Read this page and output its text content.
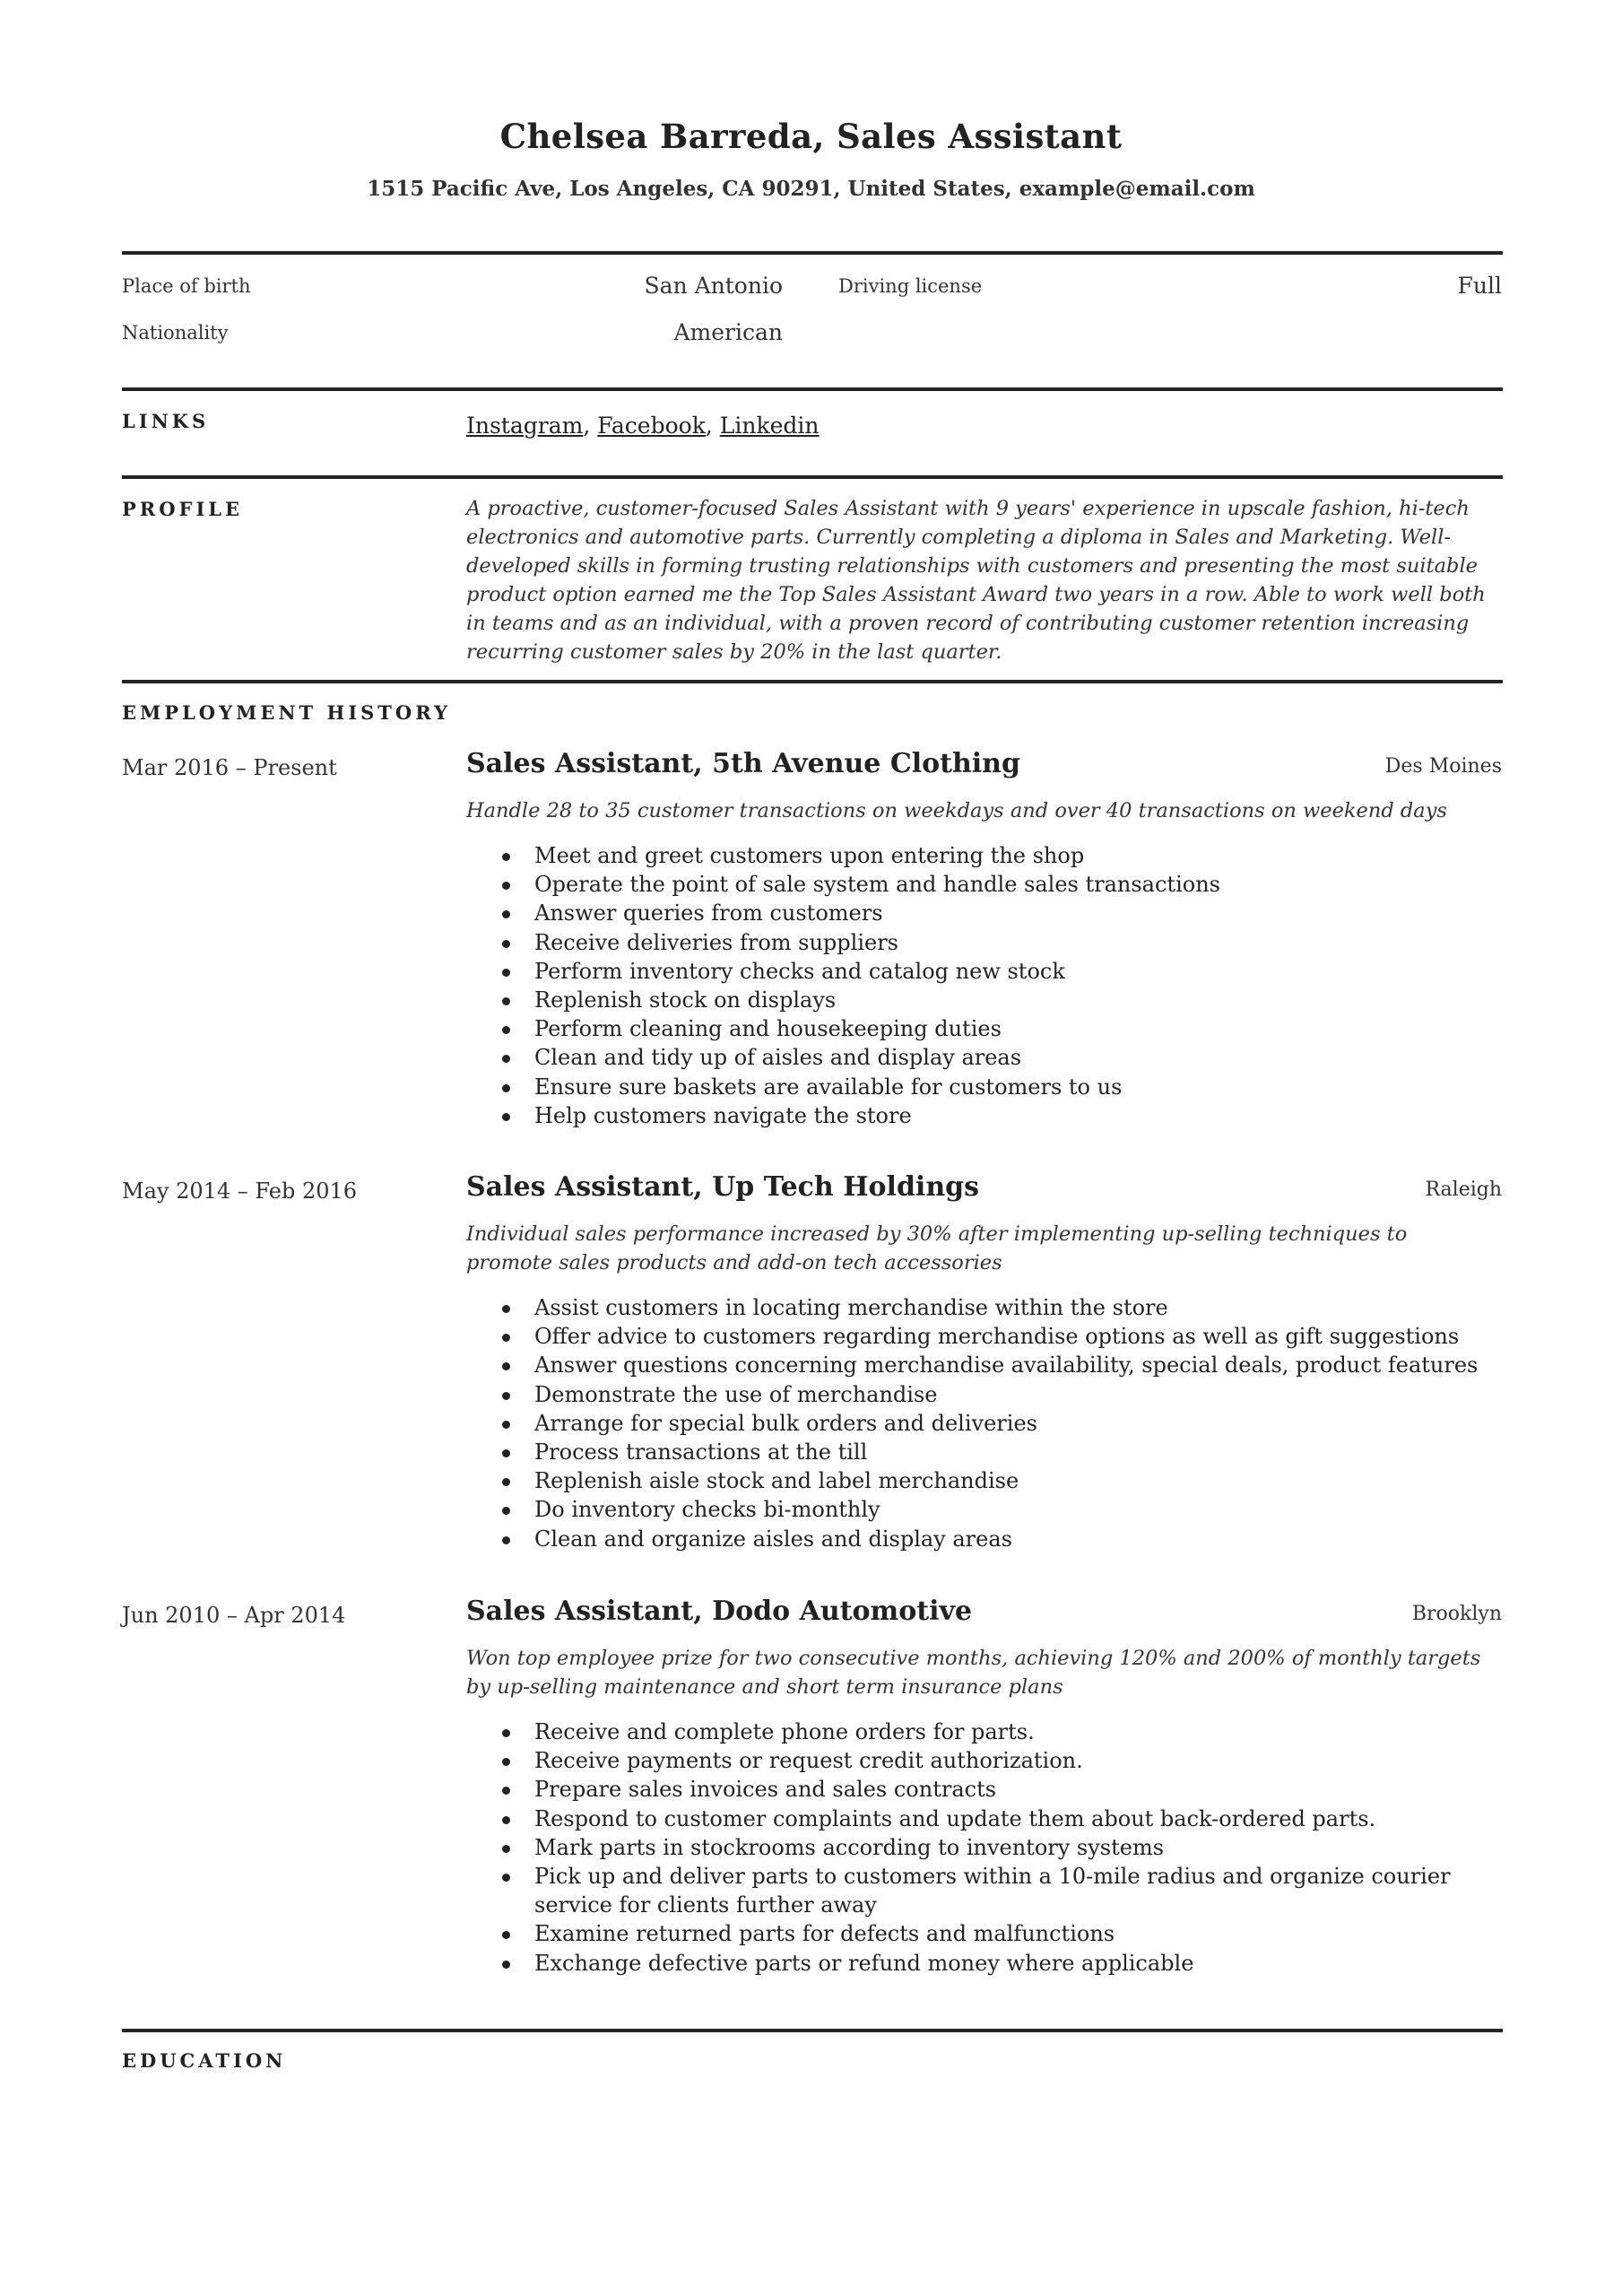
Chelsea Barreda, Sales Assistant
1515 Pacific Ave, Los Angeles, CA 90291, United States, example@email.com
Place of birth	San Antonio	Driving license	Full
Nationality	American
LINKS	Instagram, Facebook, Linkedin
PROFILE	A proactive, customer-focused Sales Assistant with 9 years' experience in upscale fashion, hi-tech electronics and automotive parts. Currently completing a diploma in Sales and Marketing. Well-developed skills in forming trusting relationships with customers and presenting the most suitable product option earned me the Top Sales Assistant Award two years in a row. Able to work well both in teams and as an individual, with a proven record of contributing customer retention increasing recurring customer sales by 20% in the last quarter.
EMPLOYMENT HISTORY
Mar 2016 – Present	Sales Assistant, 5th Avenue Clothing	Des Moines
Handle 28 to 35 customer transactions on weekdays and over 40 transactions on weekend days
Meet and greet customers upon entering the shop
Operate the point of sale system and handle sales transactions
Answer queries from customers
Receive deliveries from suppliers
Perform inventory checks and catalog new stock
Replenish stock on displays
Perform cleaning and housekeeping duties
Clean and tidy up of aisles and display areas
Ensure sure baskets are available for customers to us
Help customers navigate the store
May 2014 – Feb 2016	Sales Assistant, Up Tech Holdings	Raleigh
Individual sales performance increased by 30% after implementing up-selling techniques to promote sales products and add-on tech accessories
Assist customers in locating merchandise within the store
Offer advice to customers regarding merchandise options as well as gift suggestions
Answer questions concerning merchandise availability, special deals, product features
Demonstrate the use of merchandise
Arrange for special bulk orders and deliveries
Process transactions at the till
Replenish aisle stock and label merchandise
Do inventory checks bi-monthly
Clean and organize aisles and display areas
Jun 2010 – Apr 2014	Sales Assistant, Dodo Automotive	Brooklyn
Won top employee prize for two consecutive months, achieving 120% and 200% of monthly targets by up-selling maintenance and short term insurance plans
Receive and complete phone orders for parts.
Receive payments or request credit authorization.
Prepare sales invoices and sales contracts
Respond to customer complaints and update them about back-ordered parts.
Mark parts in stockrooms according to inventory systems
Pick up and deliver parts to customers within a 10-mile radius and organize courier service for clients further away
Examine returned parts for defects and malfunctions
Exchange defective parts or refund money where applicable
EDUCATION
